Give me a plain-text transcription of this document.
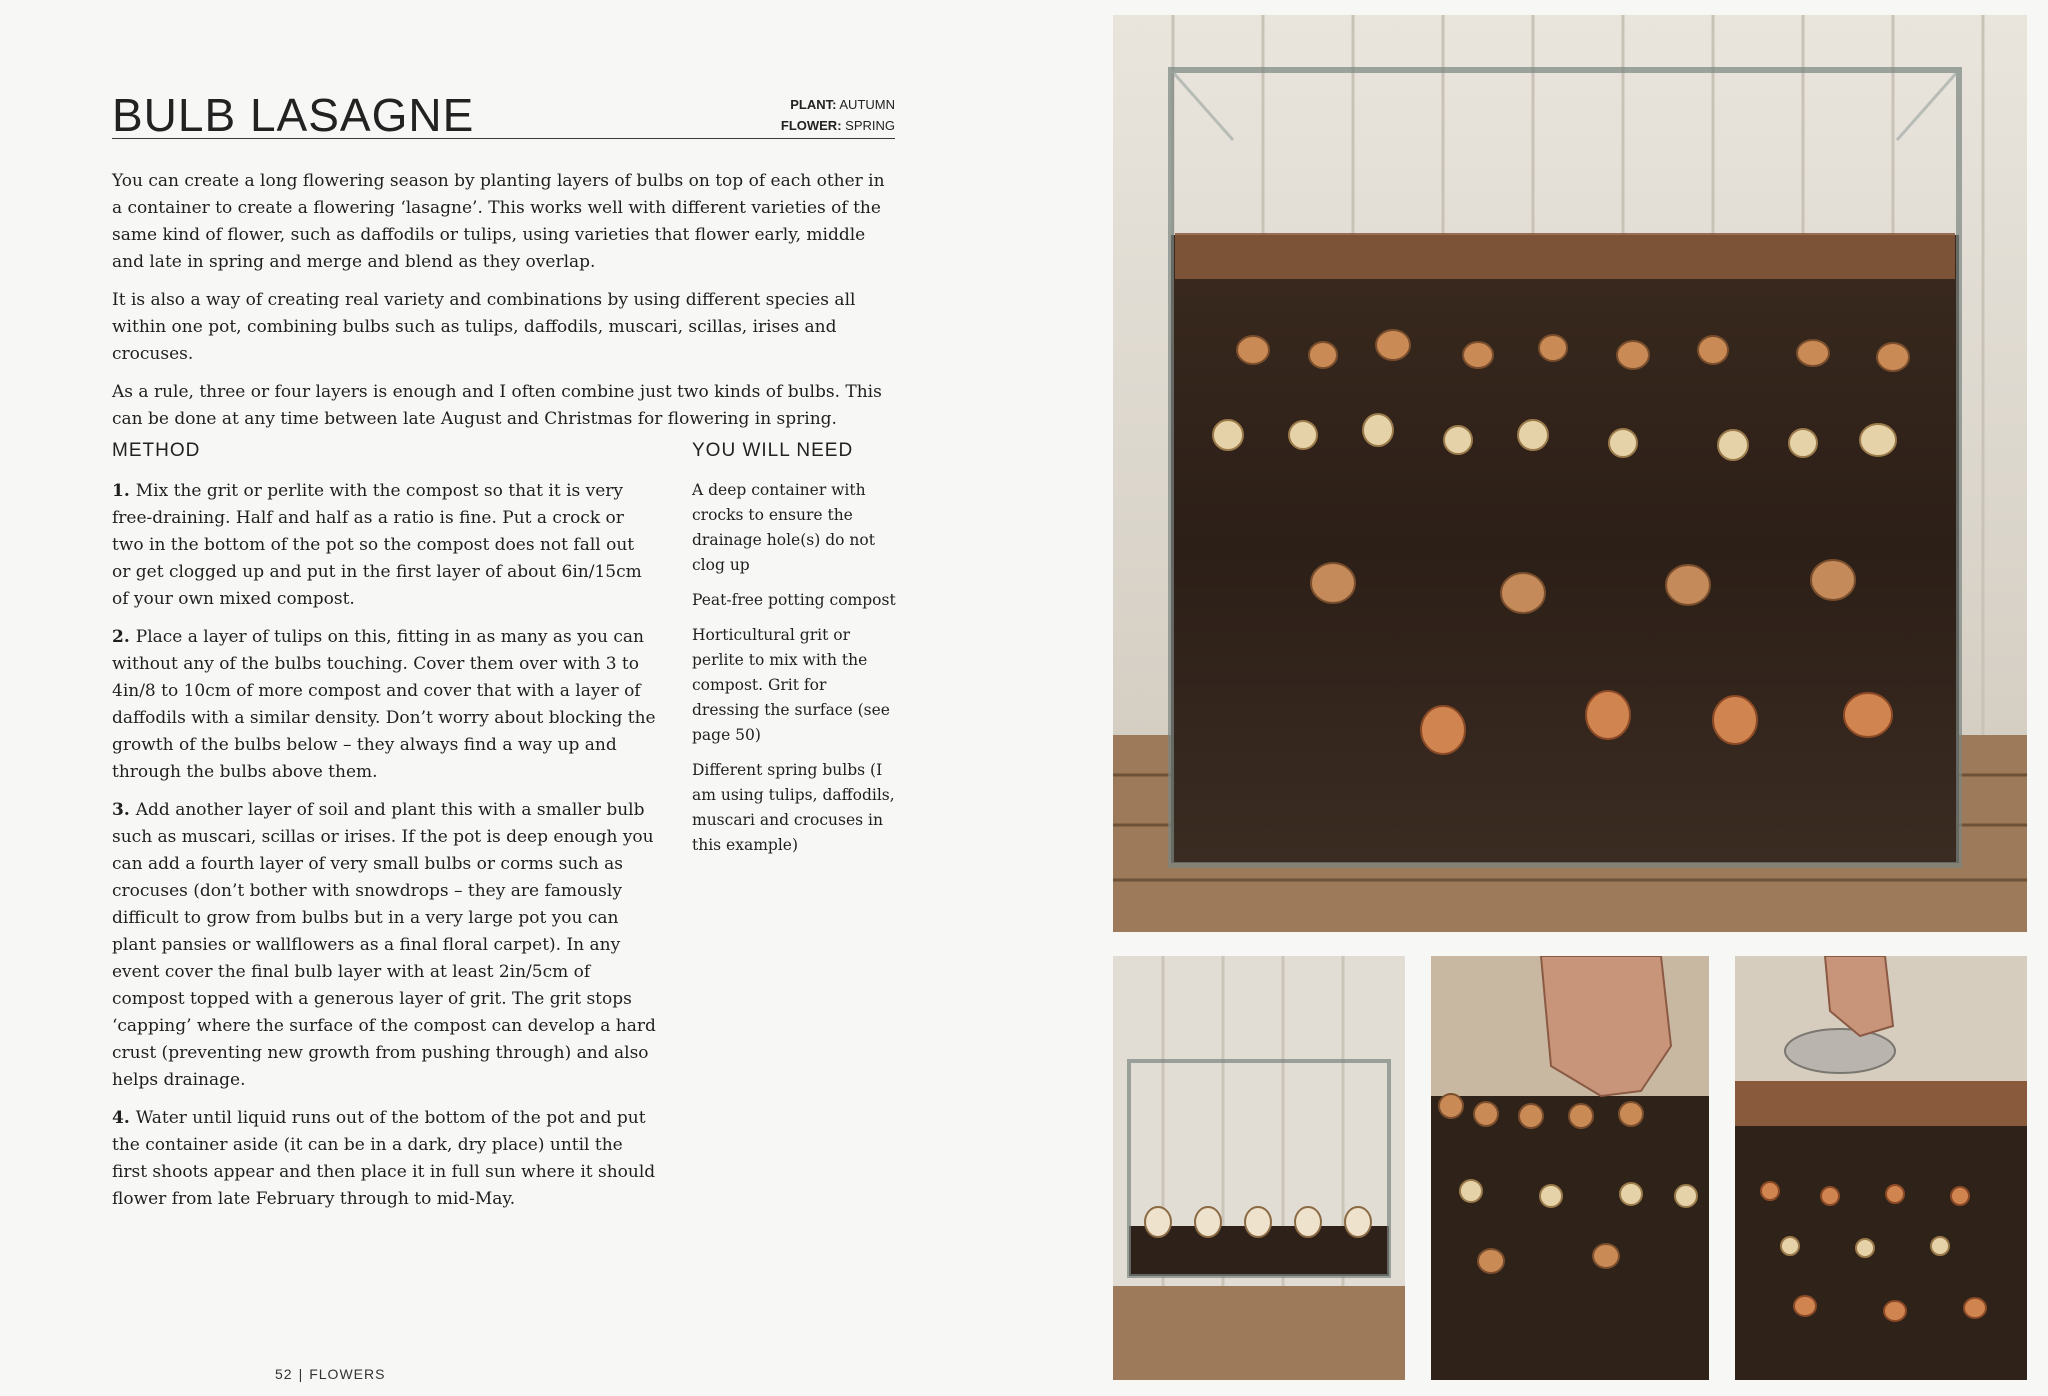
BULB LASAGNE	PLANT: AUTUMN
FLOWER: SPRING

You can create a long flowering season by planting layers of bulbs on top of each other in a container to create a flowering ‘lasagne’. This works well with different varieties of the same kind of flower, such as daffodils or tulips, using varieties that flower early, middle and late in spring and merge and blend as they overlap.

It is also a way of creating real variety and combinations by using different species all within one pot, combining bulbs such as tulips, daffodils, muscari, scillas, irises and crocuses.

As a rule, three or four layers is enough and I often combine just two kinds of bulbs. This can be done at any time between late August and Christmas for flowering in spring.

METHOD

1. Mix the grit or perlite with the compost so that it is very free-draining. Half and half as a ratio is fine. Put a crock or two in the bottom of the pot so the compost does not fall out or get clogged up and put in the first layer of about 6in/15cm of your own mixed compost.

2. Place a layer of tulips on this, fitting in as many as you can without any of the bulbs touching. Cover them over with 3 to 4in/8 to 10cm of more compost and cover that with a layer of daffodils with a similar density. Don’t worry about blocking the growth of the bulbs below – they always find a way up and through the bulbs above them.

3. Add another layer of soil and plant this with a smaller bulb such as muscari, scillas or irises. If the pot is deep enough you can add a fourth layer of very small bulbs or corms such as crocuses (don’t bother with snowdrops – they are famously difficult to grow from bulbs but in a very large pot you can plant pansies or wallflowers as a final floral carpet). In any event cover the final bulb layer with at least 2in/5cm of compost topped with a generous layer of grit. The grit stops ‘capping’ where the surface of the compost can develop a hard crust (preventing new growth from pushing through) and also helps drainage.

4. Water until liquid runs out of the bottom of the pot and put the container aside (it can be in a dark, dry place) until the first shoots appear and then place it in full sun where it should flower from late February through to mid-May.

YOU WILL NEED

A deep container with crocks to ensure the drainage hole(s) do not clog up

Peat-free potting compost

Horticultural grit or perlite to mix with the compost. Grit for dressing the surface (see page 50)

Different spring bulbs (I am using tulips, daffodils, muscari and crocuses in this example)

52 | FLOWERS
